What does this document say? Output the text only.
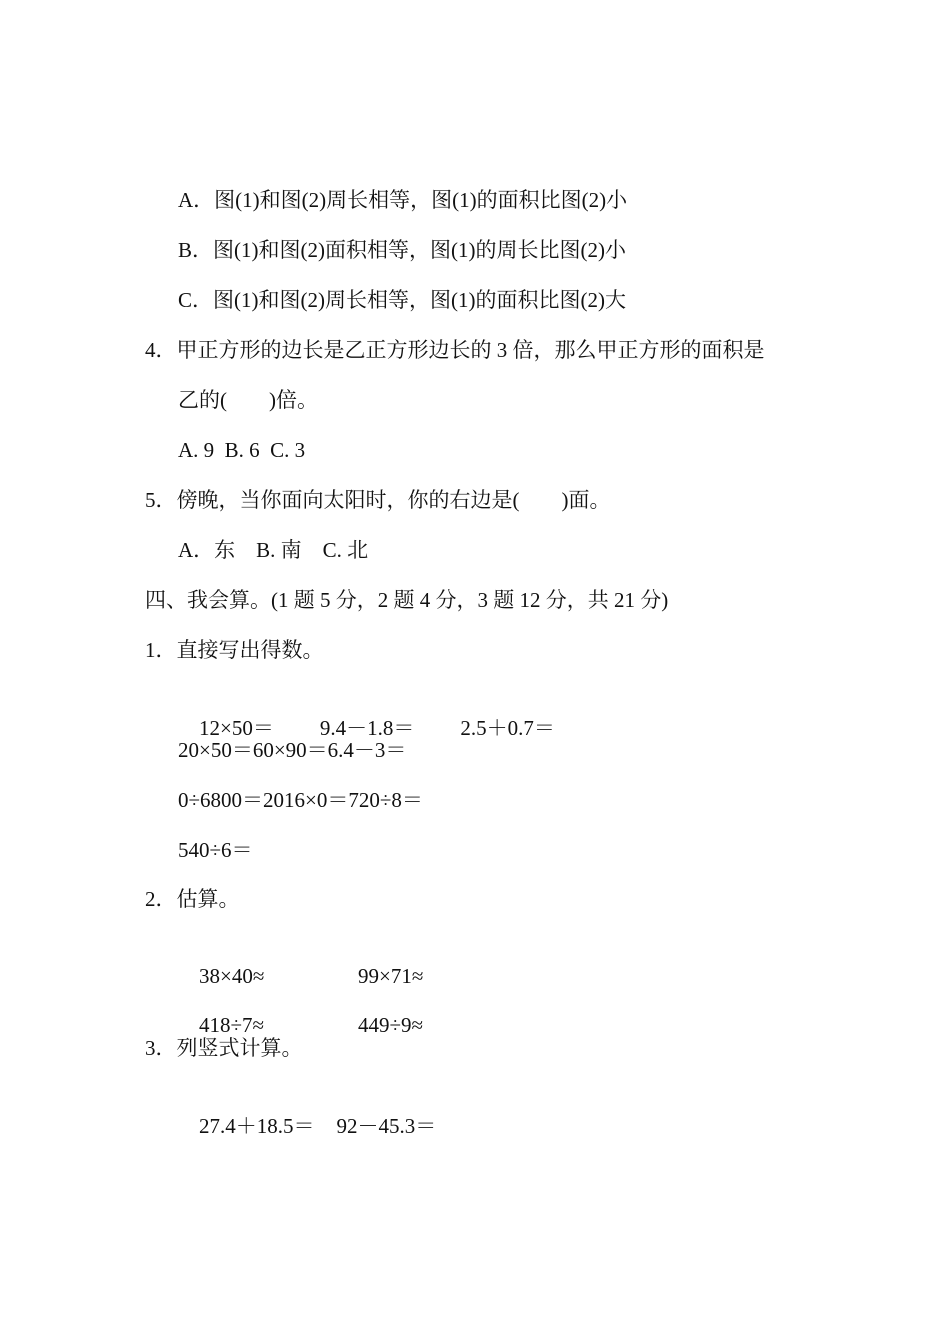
A．图(1)和图(2)周长相等，图(1)的面积比图(2)小
B．图(1)和图(2)面积相等，图(1)的周长比图(2)小
C．图(1)和图(2)周长相等，图(1)的面积比图(2)大
4．甲正方形的边长是乙正方形边长的 3 倍，那么甲正方形的面积是
乙的(　　)倍。
A. 9  B. 6  C. 3
5．傍晚，当你面向太阳时，你的右边是(　　)面。
A．东　B. 南　C. 北
四、我会算。(1 题 5 分，2 题 4 分，3 题 12 分，共 21 分)
1．直接写出得数。

12×50＝ 9.4－1.8＝ 2.5＋0.7＝

20×50＝60×90＝6.4－3＝
0÷6800＝2016×0＝720÷8＝
540÷6＝
2．估算。

38×40≈	99×71≈

418÷7≈	449÷9≈

3．列竖式计算。

27.4＋18.5＝ 92－45.3＝
